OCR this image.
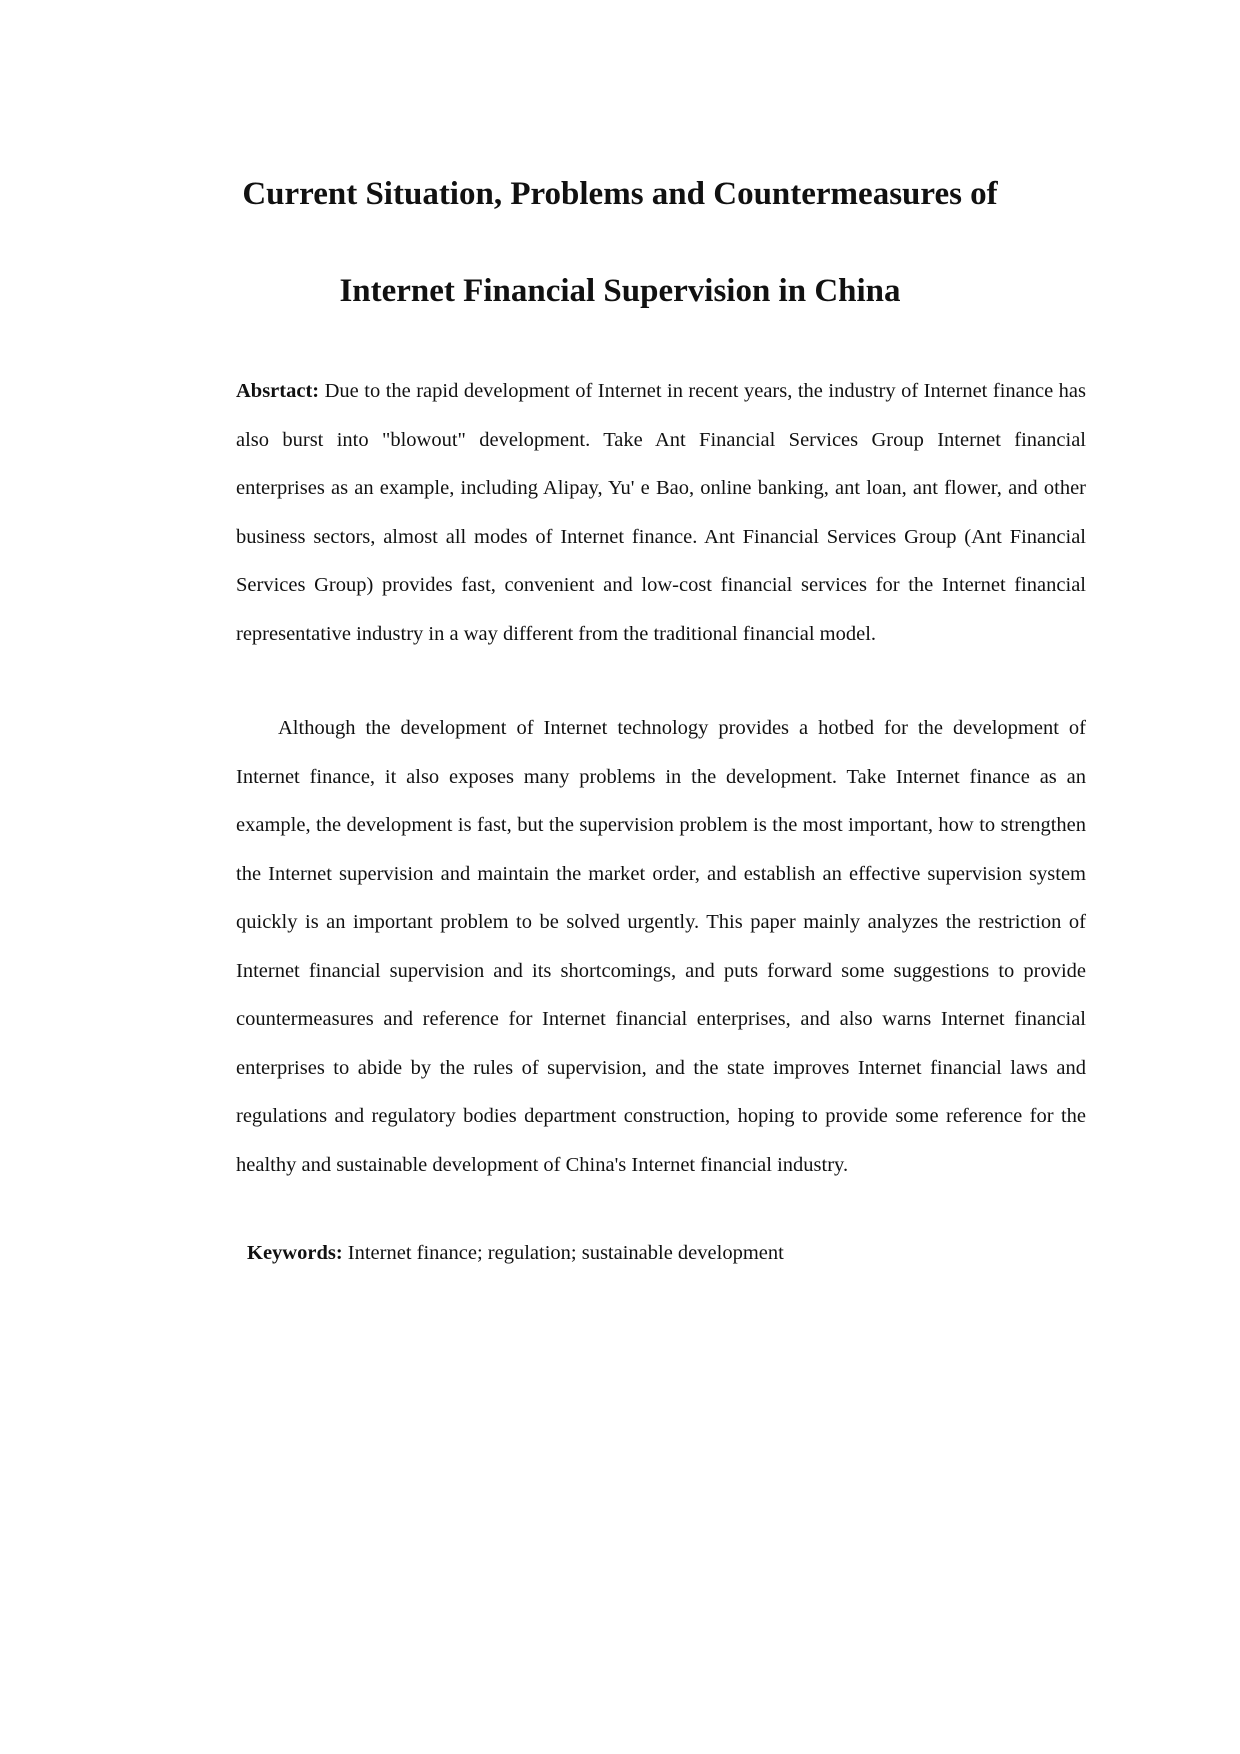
Current Situation, Problems and Countermeasures of
Internet Financial Supervision in China

Absrtact: Due to the rapid development of Internet in recent years, the industry of Internet finance has also burst into "blowout" development. Take Ant Financial Services Group Internet financial enterprises as an example, including Alipay, Yu' e Bao, online banking, ant loan, ant flower, and other business sectors, almost all modes of Internet finance. Ant Financial Services Group (Ant Financial Services Group) provides fast, convenient and low-cost financial services for the Internet financial representative industry in a way different from the traditional financial model.

Although the development of Internet technology provides a hotbed for the development of Internet finance, it also exposes many problems in the development. Take Internet finance as an example, the development is fast, but the supervision problem is the most important, how to strengthen the Internet supervision and maintain the market order, and establish an effective supervision system quickly is an important problem to be solved urgently. This paper mainly analyzes the restriction of Internet financial supervision and its shortcomings, and puts forward some suggestions to provide countermeasures and reference for Internet financial enterprises, and also warns Internet financial enterprises to abide by the rules of supervision, and the state improves Internet financial laws and regulations and regulatory bodies department construction, hoping to provide some reference for the healthy and sustainable development of China's Internet financial industry.

Keywords: Internet finance; regulation; sustainable development
